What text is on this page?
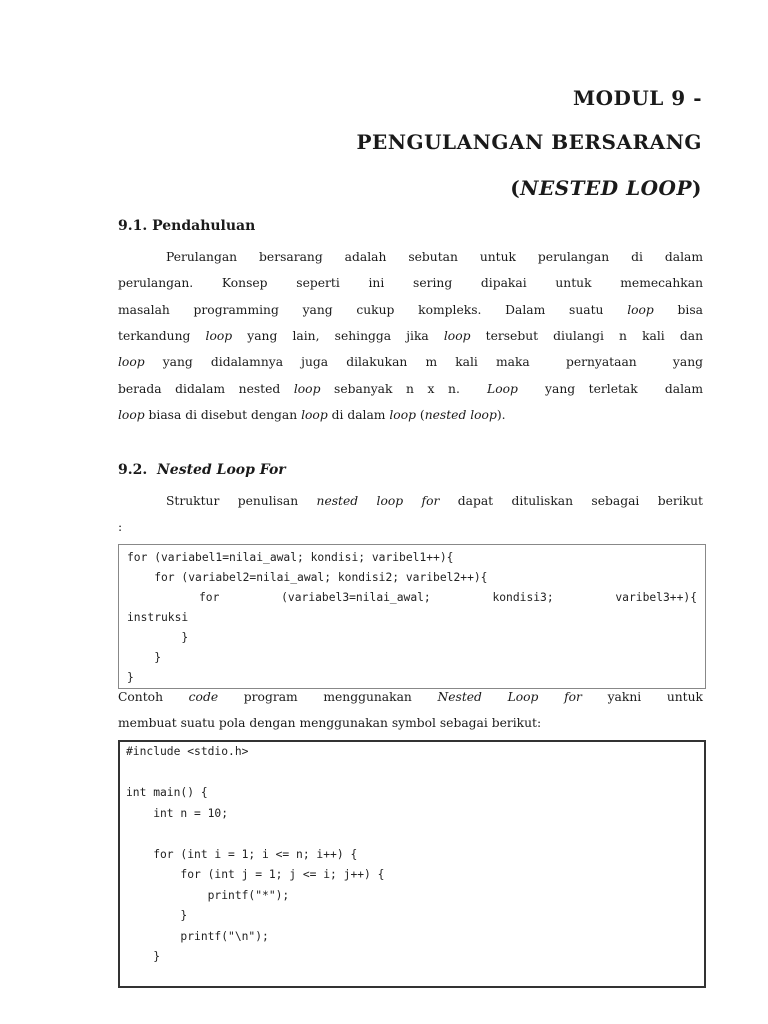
MODUL 9 -
PENGULANGAN BERSARANG
(NESTED LOOP)
9.1. Pendahuluan
Perulangan bersarang adalah sebutan untuk perulangan di dalam
perulangan. Konsep seperti ini sering dipakai untuk memecahkan
masalah programming yang cukup kompleks. Dalam suatu loop bisa
terkandung loop yang lain, sehingga jika loop tersebut diulangi n kali dan
loop yang didalamnya juga dilakukan m kali maka  pernyataan  yang
berada didalam nested loop sebanyak n x n.  Loop  yang terletak  dalam
loop biasa di disebut dengan loop di dalam loop (nested loop).
9.2. Nested Loop For
Struktur penulisan nested loop for dapat dituliskan sebagai berikut
:
for (variabel1=nilai_awal; kondisi; varibel1++){
for (variabel2=nilai_awal; kondisi2; varibel2++){
for	(variabel3=nilai_awal;	kondisi3;	varibel3++){
instruksi
}
}
}
Contoh code program menggunakan Nested Loop for yakni untuk
membuat suatu pola dengan menggunakan symbol sebagai berikut:
#include <stdio.h>
int main() {
int n = 10;
for (int i = 1; i <= n; i++) {
for (int j = 1; j <= i; j++) {
printf("*");
}
printf("\n");
}
